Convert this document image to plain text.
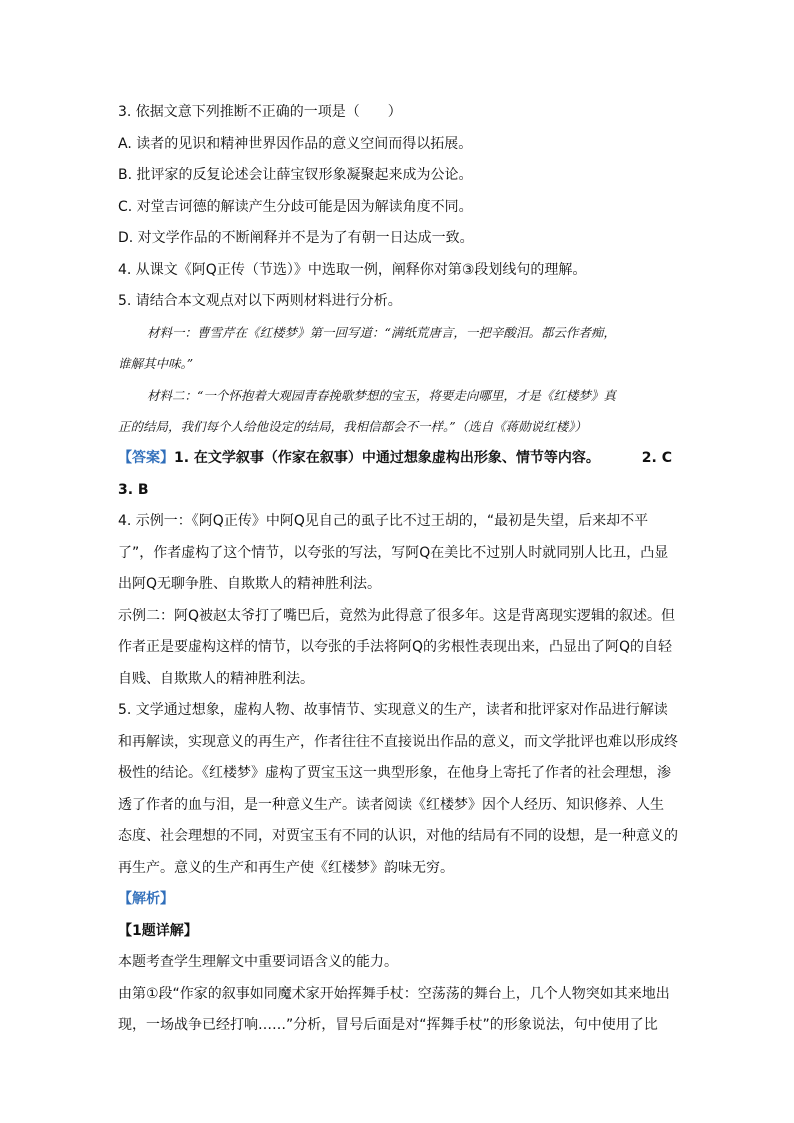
3. 依据文意下列推断不正确的一项是（　　）
A. 读者的见识和精神世界因作品的意义空间而得以拓展。
B. 批评家的反复论述会让薛宝钗形象凝聚起来成为公论。
C. 对堂吉诃德的解读产生分歧可能是因为解读角度不同。
D. 对文学作品的不断阐释并不是为了有朝一日达成一致。
4. 从课文《阿Q正传（节选）》中选取一例，阐释你对第③段划线句的理解。
5. 请结合本文观点对以下两则材料进行分析。
材料一：曹雪芹在《红楼梦》第一回写道：“满纸荒唐言，一把辛酸泪。都云作者痴，
谁解其中味。”
材料二：“一个怀抱着大观园青春挽歌梦想的宝玉，将要走向哪里，才是《红楼梦》真
正的结局，我们每个人给他设定的结局，我相信都会不一样。”（选自《蒋勋说红楼》）
【答案】1. 在文学叙事（作家在叙事）中通过想象虚构出形象、情节等内容。	2. C
3. B
4. 示例一：《阿Q正传》中阿Q见自己的虱子比不过王胡的，“最初是失望，后来却不平
了”，作者虚构了这个情节，以夸张的写法，写阿Q在美比不过别人时就同别人比丑，凸显
出阿Q无聊争胜、自欺欺人的精神胜利法。
示例二：阿Q被赵太爷打了嘴巴后，竟然为此得意了很多年。这是背离现实逻辑的叙述。但
作者正是要虚构这样的情节，以夸张的手法将阿Q的劣根性表现出来，凸显出了阿Q的自轻
自贱、自欺欺人的精神胜利法。
5. 文学通过想象，虚构人物、故事情节、实现意义的生产，读者和批评家对作品进行解读
和再解读，实现意义的再生产，作者往往不直接说出作品的意义，而文学批评也难以形成终
极性的结论。《红楼梦》虚构了贾宝玉这一典型形象，在他身上寄托了作者的社会理想，渗
透了作者的血与泪，是一种意义生产。读者阅读《红楼梦》因个人经历、知识修养、人生
态度、社会理想的不同，对贾宝玉有不同的认识，对他的结局有不同的设想，是一种意义的
再生产。意义的生产和再生产使《红楼梦》韵味无穷。
【解析】
【1题详解】
本题考查学生理解文中重要词语含义的能力。
由第①段“作家的叙事如同魔术家开始挥舞手杖：空荡荡的舞台上，几个人物突如其来地出
现，一场战争已经打响……”分析，冒号后面是对“挥舞手杖”的形象说法，句中使用了比
